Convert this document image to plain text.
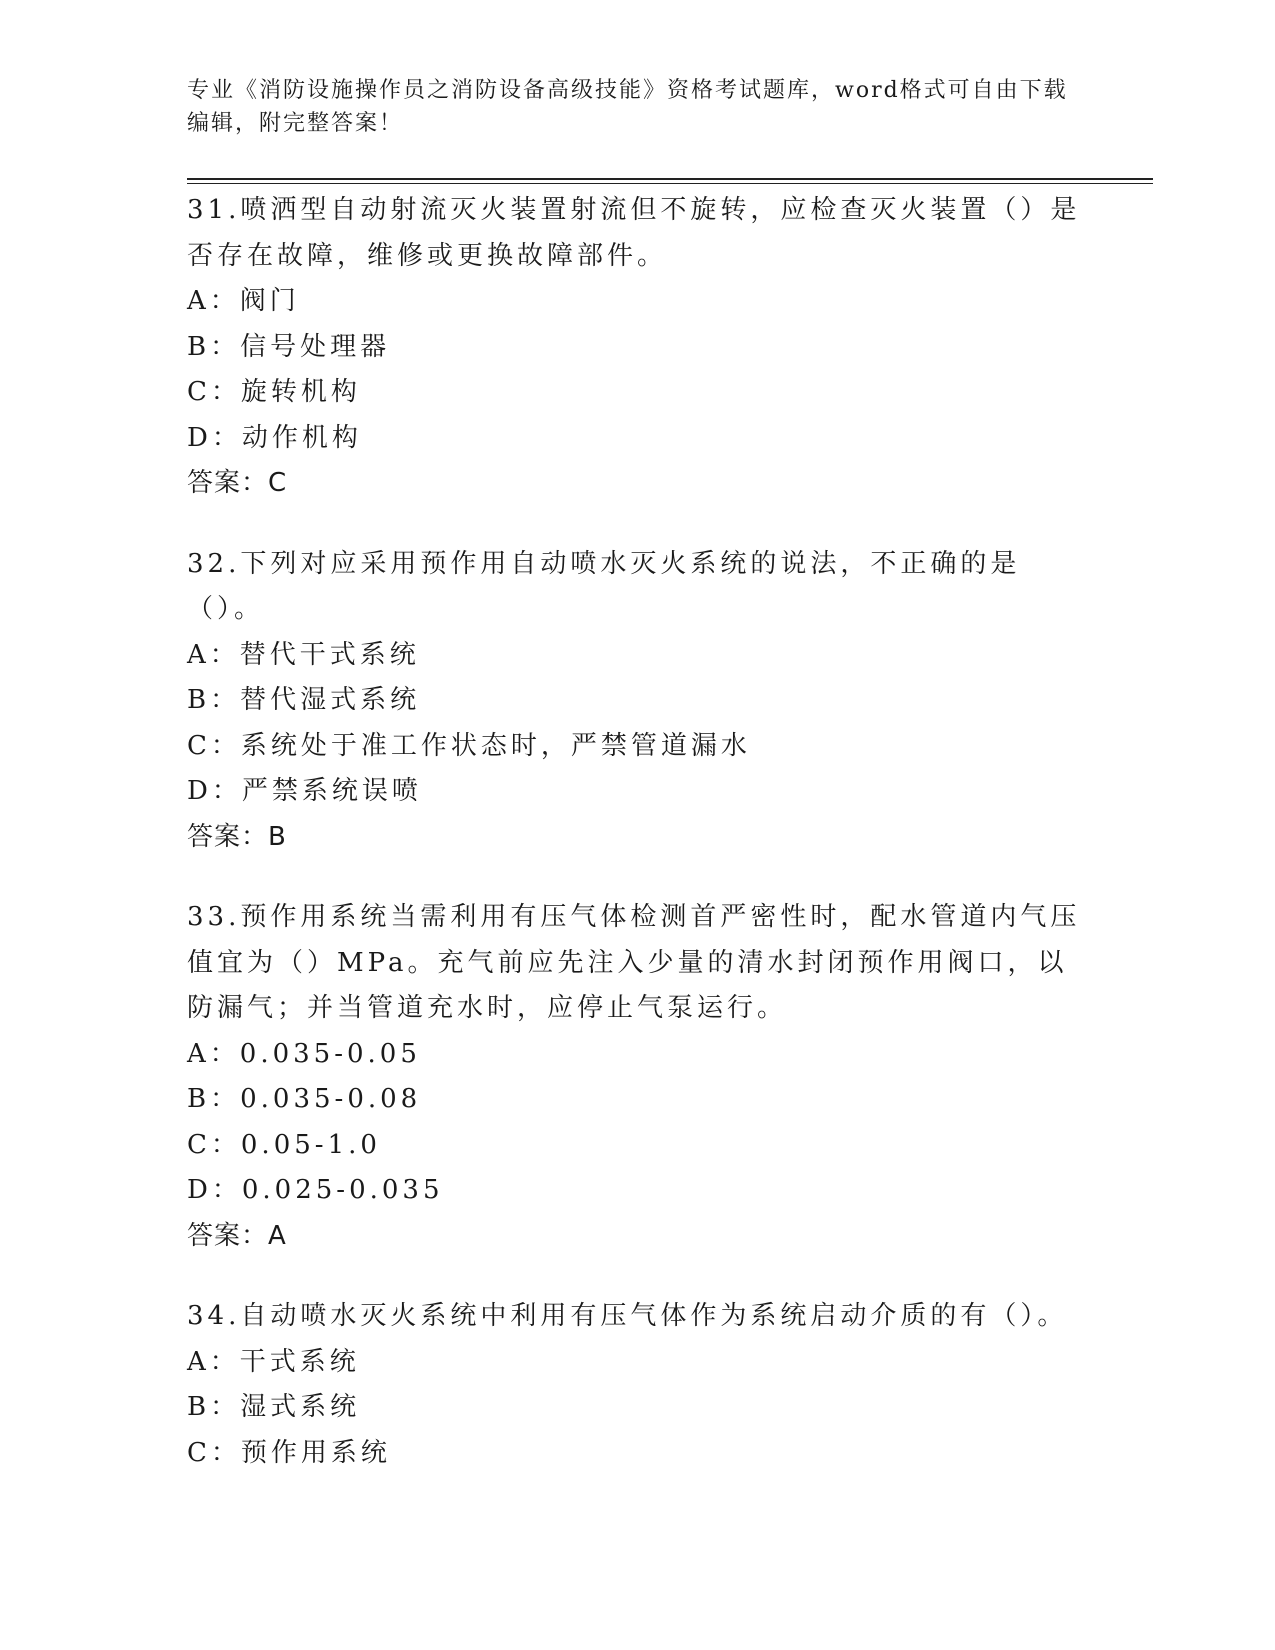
专业《消防设施操作员之消防设备高级技能》资格考试题库，word格式可自由下载编辑，附完整答案！

31.喷洒型自动射流灭火装置射流但不旋转，应检查灭火装置（）是否存在故障，维修或更换故障部件。

A：阀门

B：信号处理器

C：旋转机构

D：动作机构

答案：C

32.下列对应采用预作用自动喷水灭火系统的说法，不正确的是（）。

A：替代干式系统

B：替代湿式系统

C：系统处于准工作状态时，严禁管道漏水

D：严禁系统误喷

答案：B

33.预作用系统当需利用有压气体检测首严密性时，配水管道内气压值宜为（）MPa。充气前应先注入少量的清水封闭预作用阀口，以防漏气；并当管道充水时，应停止气泵运行。

A：0.035-0.05

B：0.035-0.08

C：0.05-1.0

D：0.025-0.035

答案：A

34.自动喷水灭火系统中利用有压气体作为系统启动介质的有（）。

A：干式系统

B：湿式系统

C：预作用系统
